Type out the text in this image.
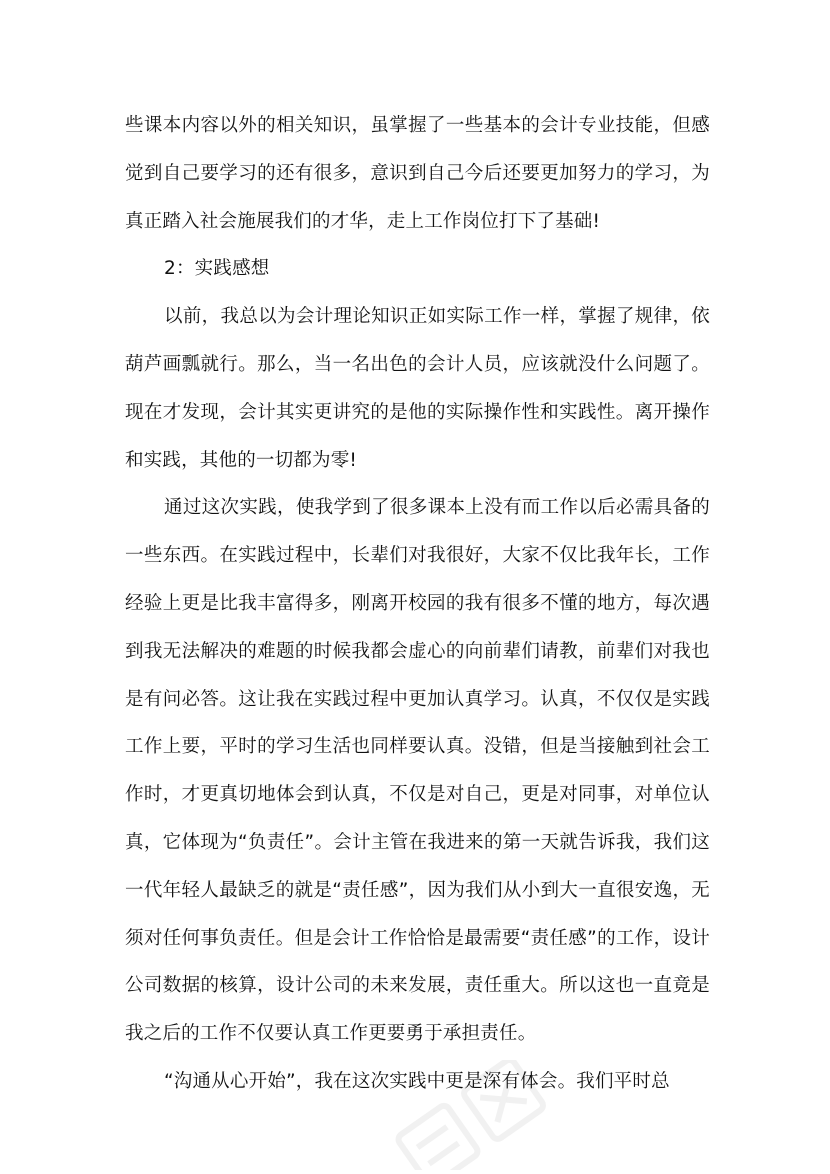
些课本内容以外的相关知识，虽掌握了一些基本的会计专业技能，但感觉到自己要学习的还有很多，意识到自己今后还要更加努力的学习，为真正踏入社会施展我们的才华，走上工作岗位打下了基础!

2：实践感想

以前，我总以为会计理论知识正如实际工作一样，掌握了规律，依葫芦画瓢就行。那么，当一名出色的会计人员，应该就没什么问题了。现在才发现，会计其实更讲究的是他的实际操作性和实践性。离开操作和实践，其他的一切都为零!

通过这次实践，使我学到了很多课本上没有而工作以后必需具备的一些东西。在实践过程中，长辈们对我很好，大家不仅比我年长，工作经验上更是比我丰富得多，刚离开校园的我有很多不懂的地方，每次遇到我无法解决的难题的时候我都会虚心的向前辈们请教，前辈们对我也是有问必答。这让我在实践过程中更加认真学习。认真，不仅仅是实践工作上要，平时的学习生活也同样要认真。没错，但是当接触到社会工作时，才更真切地体会到认真，不仅是对自己，更是对同事，对单位认真，它体现为“负责任”。会计主管在我进来的第一天就告诉我，我们这一代年轻人最缺乏的就是“责任感”，因为我们从小到大一直很安逸，无须对任何事负责任。但是会计工作恰恰是最需要“责任感”的工作，设计公司数据的核算，设计公司的未来发展，责任重大。所以这也一直竟是我之后的工作不仅要认真工作更要勇于承担责任。

“沟通从心开始”，我在这次实践中更是深有体会。我们平时总
